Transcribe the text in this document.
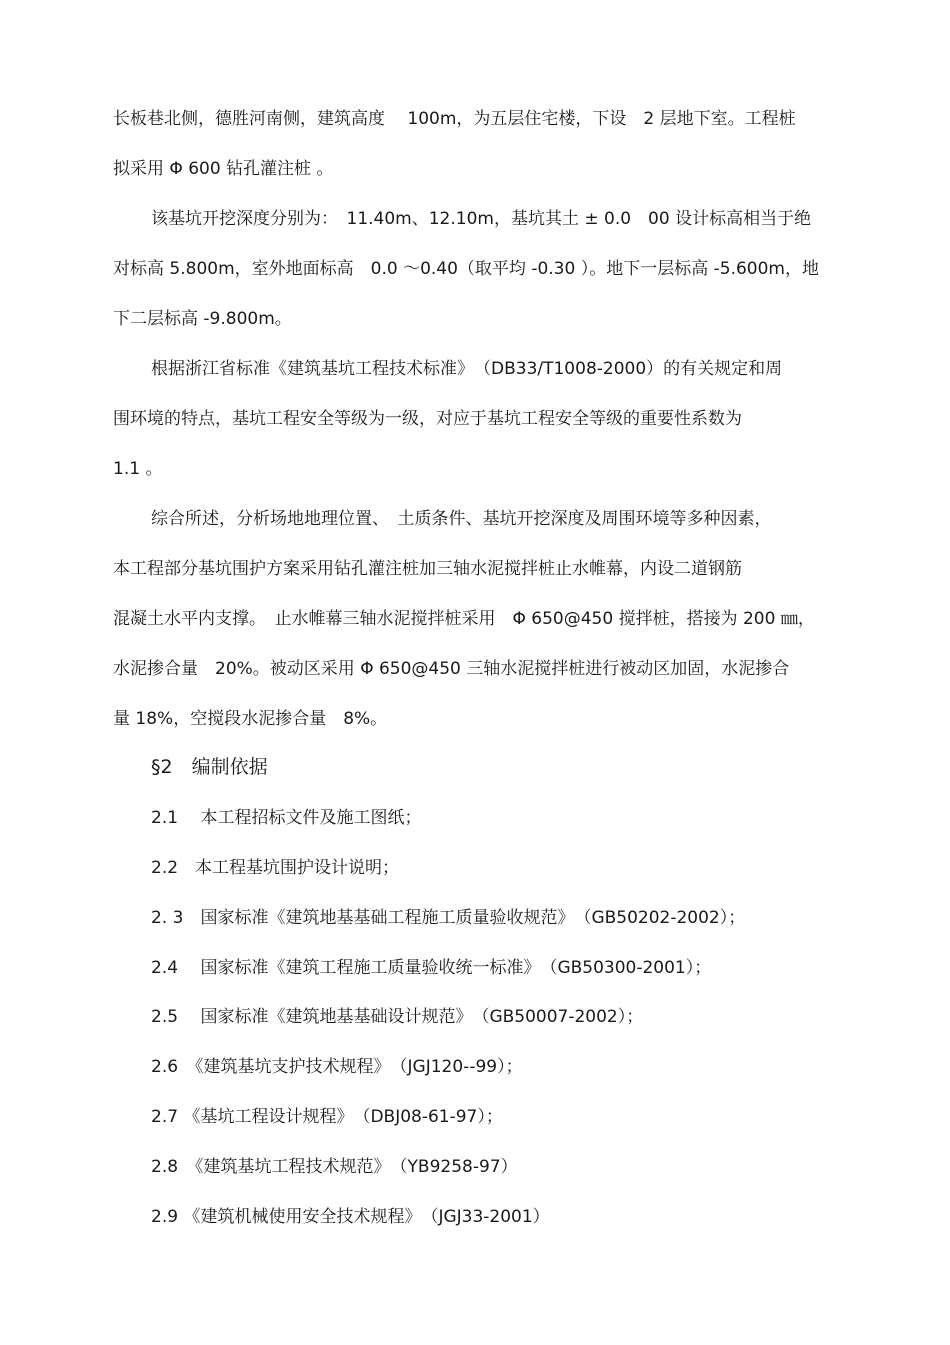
长板巷北侧，德胜河南侧，建筑高度　 100m，为五层住宅楼，下设　2 层地下室。工程桩
拟采用 Φ 600 钻孔灌注桩 。
该基坑开挖深度分别为：　11.40m、12.10m，基坑其土 ± 0.0　00 设计标高相当于绝
对标高 5.800m，室外地面标高　0.0 ～0.40（取平均 -0.30 ）。地下一层标高 -5.600m，地
下二层标高 -9.800m。
根据浙江省标准《建筑基坑工程技术标准》　（DB33/T1008-2000）的有关规定和周
围环境的特点，基坑工程安全等级为一级，对应于基坑工程安全等级的重要性系数为
1.1 。
综合所述，分析场地地理位置、　土质条件、基坑开挖深度及周围环境等多种因素，
本工程部分基坑围护方案采用钻孔灌注桩加三轴水泥搅拌桩止水帷幕，内设二道钢筋
混凝土水平内支撑。　止水帷幕三轴水泥搅拌桩采用　Φ 650@450 搅拌桩，搭接为 200 ㎜，
水泥掺合量　20%。被动区采用 Φ 650@450 三轴水泥搅拌桩进行被动区加固，水泥掺合
量 18%，空搅段水泥掺合量　8%。
§2　编制依据
2.1　 本工程招标文件及施工图纸；
2.2　本工程基坑围护设计说明；
2. 3　国家标准《建筑地基基础工程施工质量验收规范》　（GB50202-2002）；
2.4　 国家标准《建筑工程施工质量验收统一标准》　（GB50300-2001）；
2.5　 国家标准《建筑地基基础设计规范》　（GB50007-2002）；
2.6　《建筑基坑支护技术规程》　（JGJ120--99）；
2.7 《基坑工程设计规程》　（DBJ08-61-97）；
2.8　《建筑基坑工程技术规范》　（YB9258-97）
2.9 《建筑机械使用安全技术规程》　（JGJ33-2001）
